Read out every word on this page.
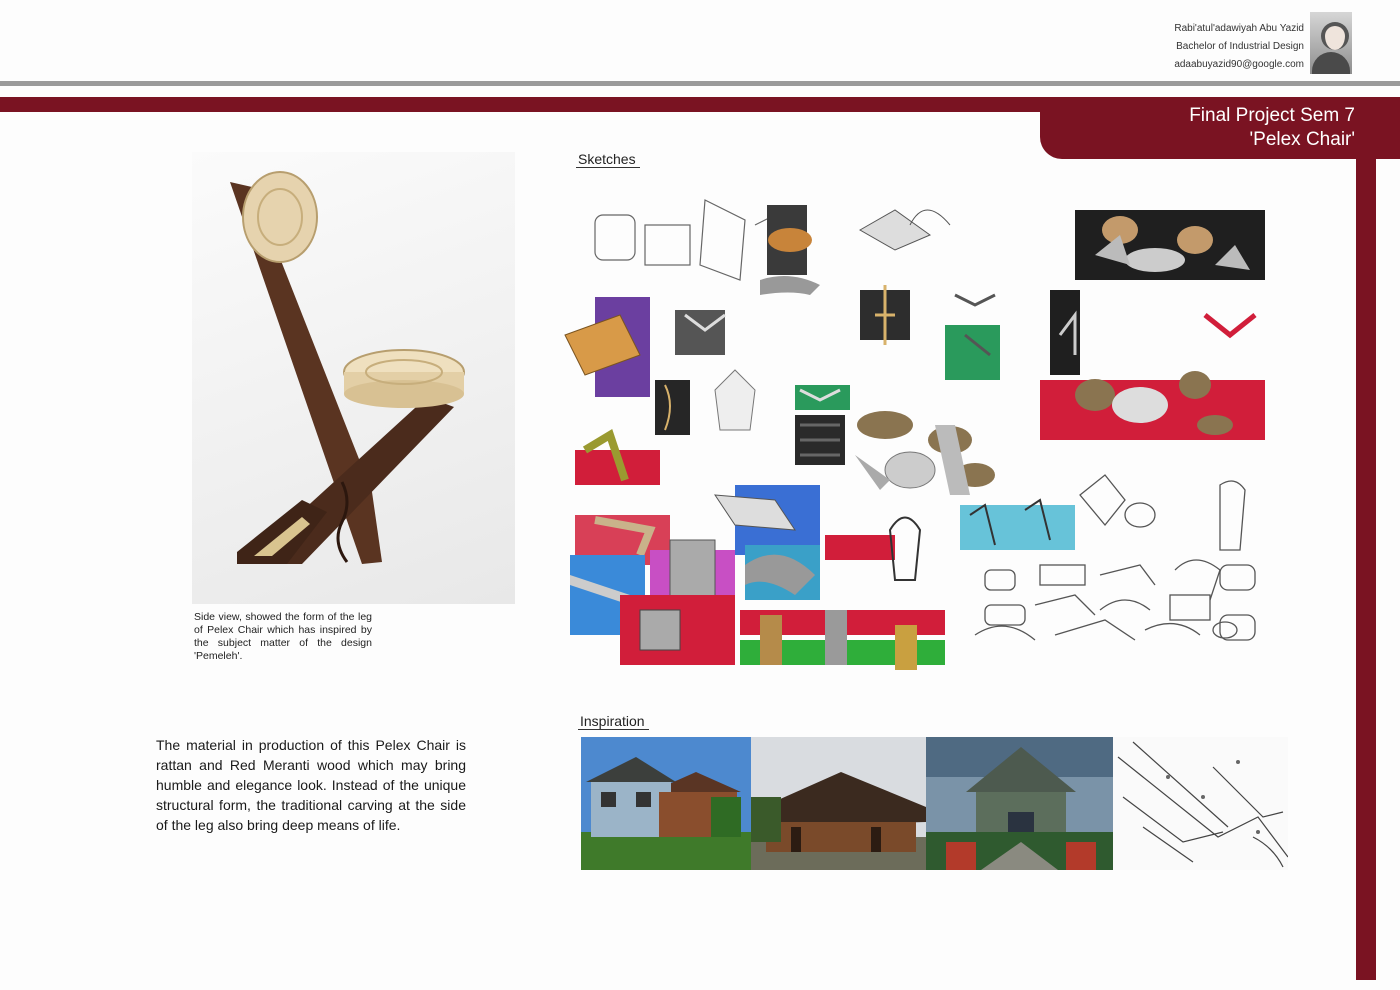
Rabi'atul'adawiyah Abu Yazid
Bachelor of Industrial Design
adaabuyazid90@google.com
Final Project Sem 7
'Pelex Chair'
Side view, showed the form of the leg of Pelex Chair which has inspired by the subject matter of the design 'Pemeleh'.
The material in production of this Pelex Chair is rattan and Red Meranti wood which may bring humble and elegance look. Instead of the unique structural form, the traditional carving at the side of the leg also bring deep means of life.
Sketches
Inspiration
